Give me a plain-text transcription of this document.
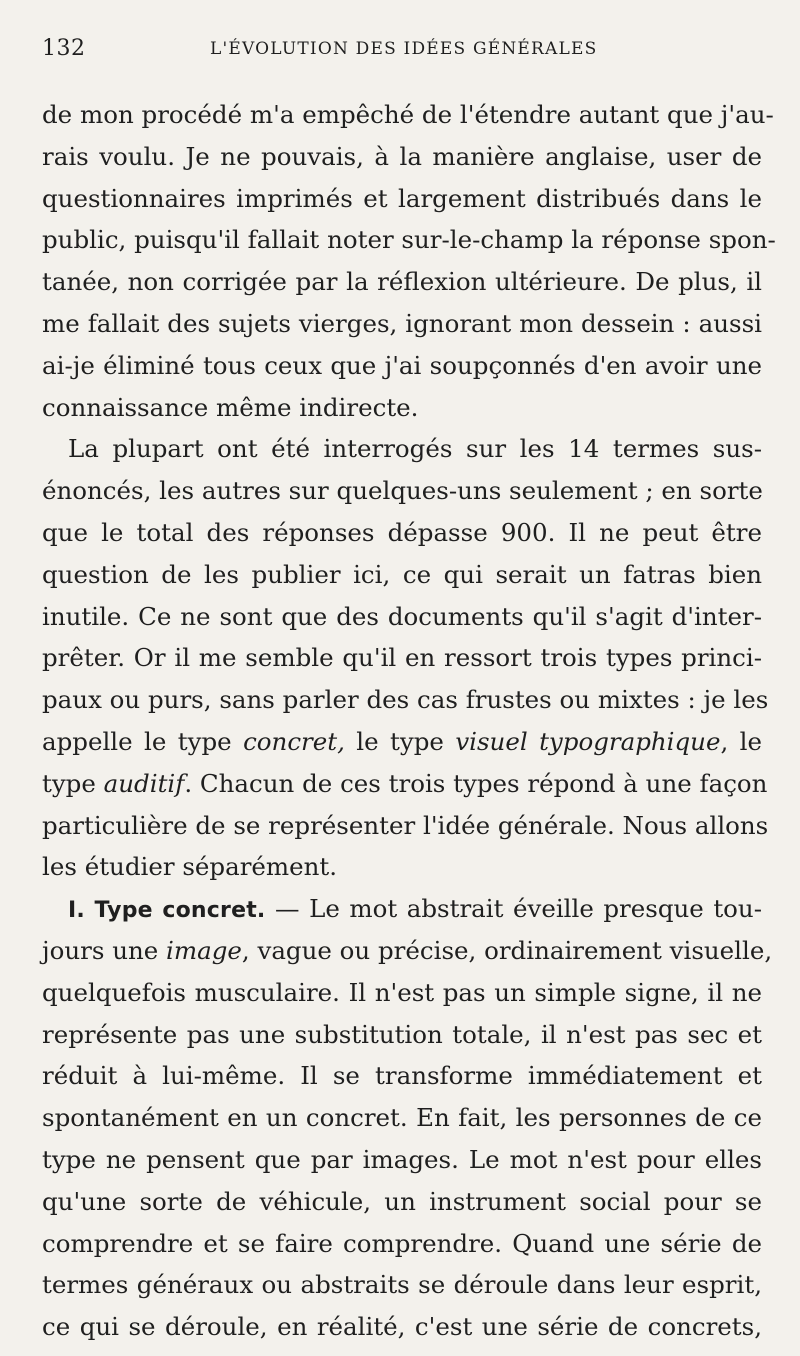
132	L'ÉVOLUTION DES IDÉES GÉNÉRALES
de mon procédé m'a empêché de l'étendre autant que j'au-
rais voulu. Je ne pouvais, à la manière anglaise, user de
questionnaires imprimés et largement distribués dans le
public, puisqu'il fallait noter sur-le-champ la réponse spon-
tanée, non corrigée par la réflexion ultérieure. De plus, il
me fallait des sujets vierges, ignorant mon dessein : aussi
ai-je éliminé tous ceux que j'ai soupçonnés d'en avoir une
connaissance même indirecte.
La plupart ont été interrogés sur les 14 termes sus-
énoncés, les autres sur quelques-uns seulement ; en sorte
que le total des réponses dépasse 900. Il ne peut être
question de les publier ici, ce qui serait un fatras bien
inutile. Ce ne sont que des documents qu'il s'agit d'inter-
prêter. Or il me semble qu'il en ressort trois types princi-
paux ou purs, sans parler des cas frustes ou mixtes : je les
appelle le type concret, le type visuel typographique, le
type auditif. Chacun de ces trois types répond à une façon
particulière de se représenter l'idée générale. Nous allons
les étudier séparément.
I. Type concret. — Le mot abstrait éveille presque tou-
jours une image, vague ou précise, ordinairement visuelle,
quelquefois musculaire. Il n'est pas un simple signe, il ne
représente pas une substitution totale, il n'est pas sec et
réduit à lui-même. Il se transforme immédiatement et
spontanément en un concret. En fait, les personnes de ce
type ne pensent que par images. Le mot n'est pour elles
qu'une sorte de véhicule, un instrument social pour se
comprendre et se faire comprendre. Quand une série de
termes généraux ou abstraits se déroule dans leur esprit,
ce qui se déroule, en réalité, c'est une série de concrets,
